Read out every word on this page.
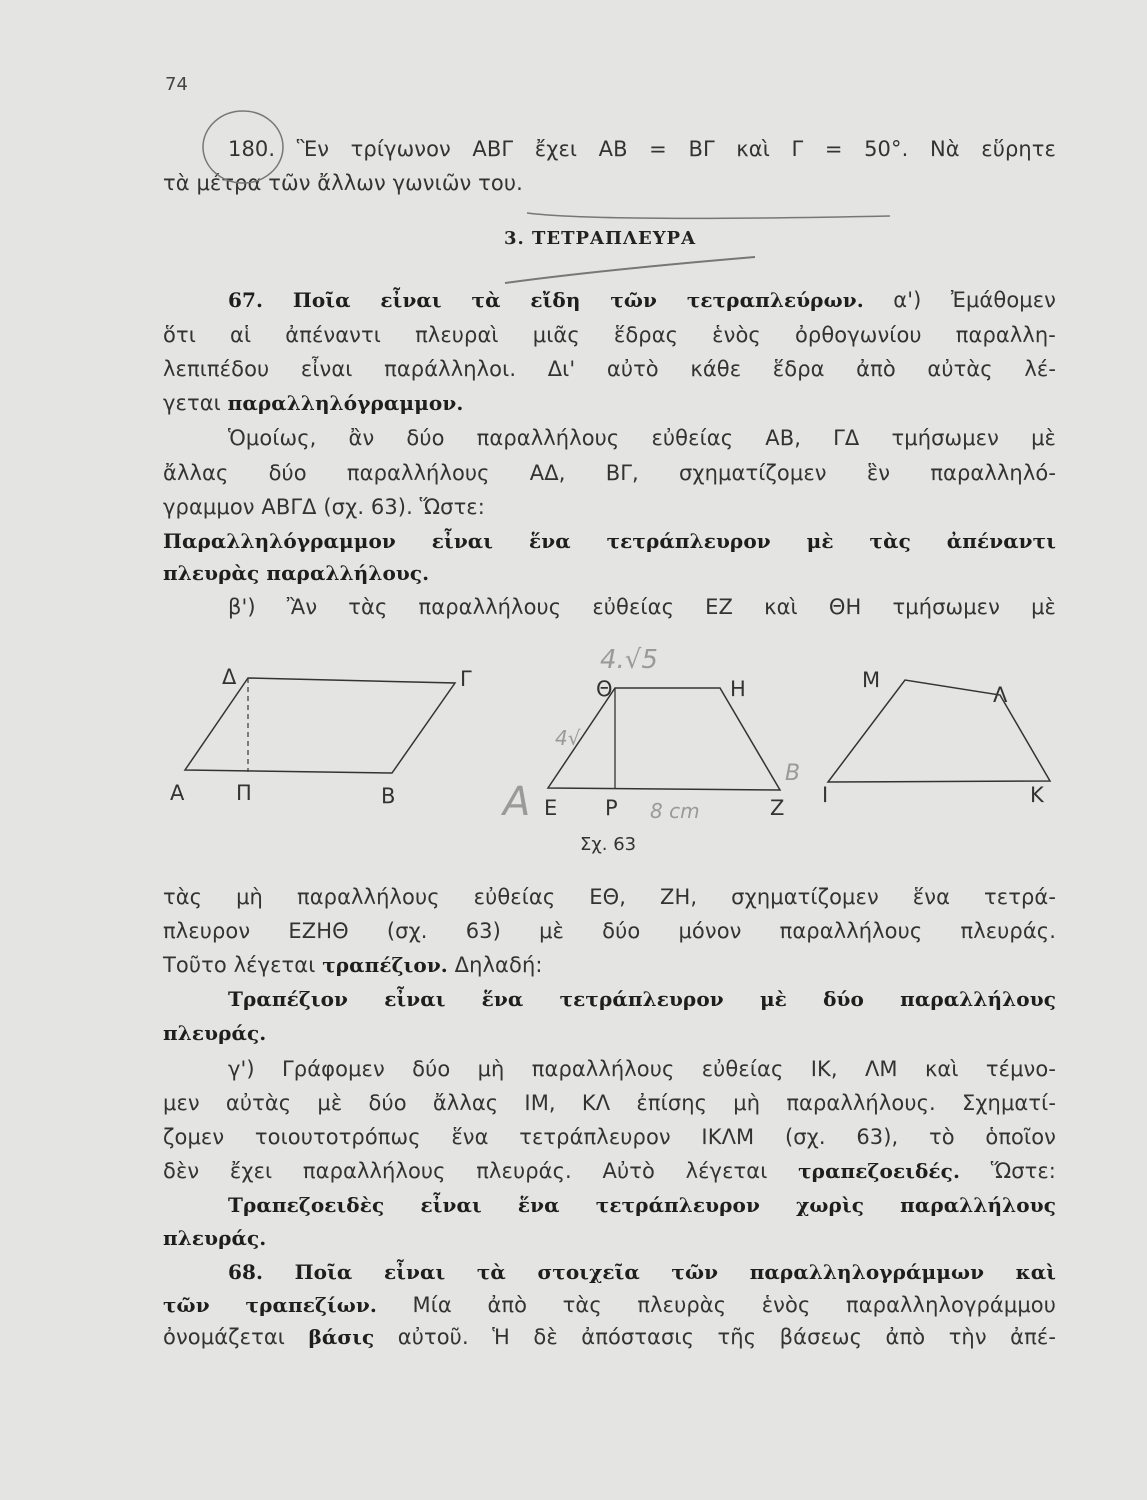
74
3. ΤΕΤΡΑΠΛΕΥΡΑ
180. Ἓν τρίγωνον ΑΒΓ ἔχει ΑΒ = ΒΓ καὶ Γ = 50°. Νὰ εὕρητε
τὰ μέτρα τῶν ἄλλων γωνιῶν του.
67. Ποῖα εἶναι τὰ εἴδη τῶν τετραπλεύρων. α') Ἐμάθομεν
ὅτι αἱ ἀπέναντι πλευραὶ μιᾶς ἕδρας ἑνὸς ὀρθογωνίου παραλλη-
λεπιπέδου εἶναι παράλληλοι. Δι' αὐτὸ κάθε ἕδρα ἀπὸ αὐτὰς λέ-
γεται παραλληλόγραμμον.
Ὁμοίως, ἂν δύο παραλλήλους εὐθείας ΑΒ, ΓΔ τμήσωμεν μὲ
ἄλλας δύο παραλλήλους ΑΔ, ΒΓ, σχηματίζομεν ἓν παραλληλό-
γραμμον ΑΒΓΔ (σχ. 63). Ὥστε:
Παραλληλόγραμμον εἶναι ἕνα τετράπλευρον μὲ τὰς ἀπέναντι
πλευρὰς παραλλήλους.
β') Ἂν τὰς παραλλήλους εὐθείας ΕΖ καὶ ΘΗ τμήσωμεν μὲ
τὰς μὴ παραλλήλους εὐθείας ΕΘ, ΖΗ, σχηματίζομεν ἕνα τετρά-
πλευρον ΕΖΗΘ (σχ. 63) μὲ δύο μόνον παραλλήλους πλευράς.
Τοῦτο λέγεται τραπέζιον. Δηλαδή:
Τραπέζιον εἶναι ἕνα τετράπλευρον μὲ δύο παραλλήλους
πλευράς.
γ') Γράφομεν δύο μὴ παραλλήλους εὐθείας ΙΚ, ΛΜ καὶ τέμνο-
μεν αὐτὰς μὲ δύο ἄλλας ΙΜ, ΚΛ ἐπίσης μὴ παραλλήλους. Σχηματί-
ζομεν τοιουτοτρόπως ἕνα τετράπλευρον ΙΚΛΜ (σχ. 63), τὸ ὁποῖον
δὲν ἔχει παραλλήλους πλευράς. Αὐτὸ λέγεται τραπεζοειδές. Ὥστε:
Τραπεζοειδὲς εἶναι ἕνα τετράπλευρον χωρὶς παραλλήλους
πλευράς.
68. Ποῖα εἶναι τὰ στοιχεῖα τῶν παραλληλογράμμων καὶ
τῶν τραπεζίων. Μία ἀπὸ τὰς πλευρὰς ἑνὸς παραλληλογράμμου
ὀνομάζεται βάσις αὐτοῦ. Ἡ δὲ ἀπόστασις τῆς βάσεως ἀπὸ τὴν ἀπέ-
Δ	Γ
Α Π	Β
Θ	Η
Ε Ρ	Ζ
Μ
Λ
Ι	Κ
4.√5
4√
A	8 cm
B
Σχ. 63
